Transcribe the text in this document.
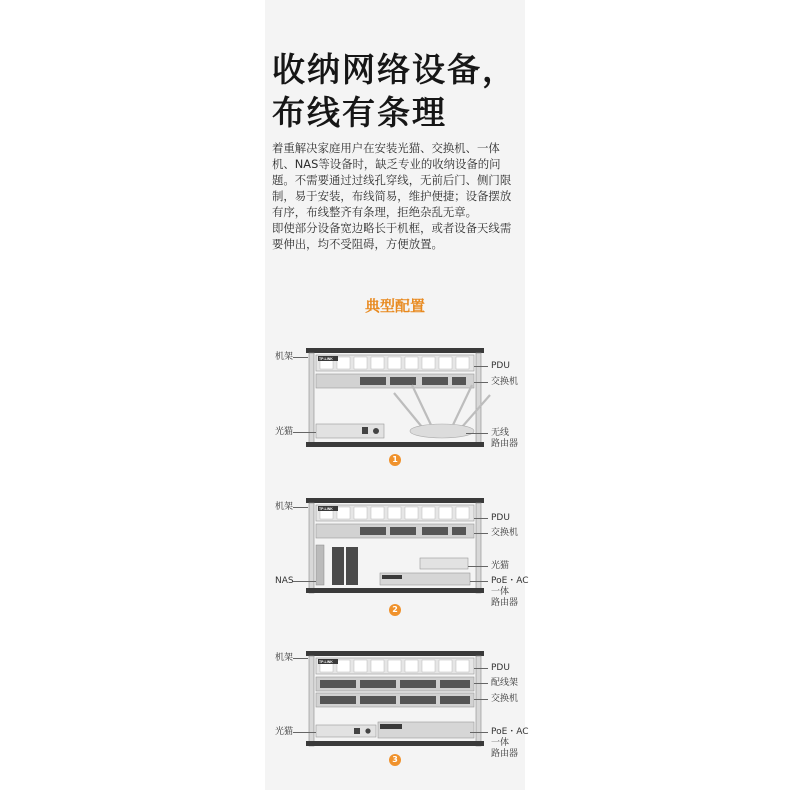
收纳网络设备，
布线有条理

着重解决家庭用户在安装光猫、交换机、一体机、NAS等设备时，缺乏专业的收纳设备的问题。不需要通过过线孔穿线，无前后门、侧门限制，易于安装，布线简易，维护便捷；设备摆放有序，布线整齐有条理，拒绝杂乱无章。

即使部分设备宽边略长于机框，或者设备天线需要伸出，均不受阻碍，方便放置。

典型配置
TP-LINK
机架
光猫
PDU
交换机
无线
路由器
1
TP-LINK
机架
NAS
PDU
交换机
光猫
PoE・AC
一体
路由器
2
TP-LINK
机架
光猫
PDU
配线架
交换机
PoE・AC
一体
路由器
3
